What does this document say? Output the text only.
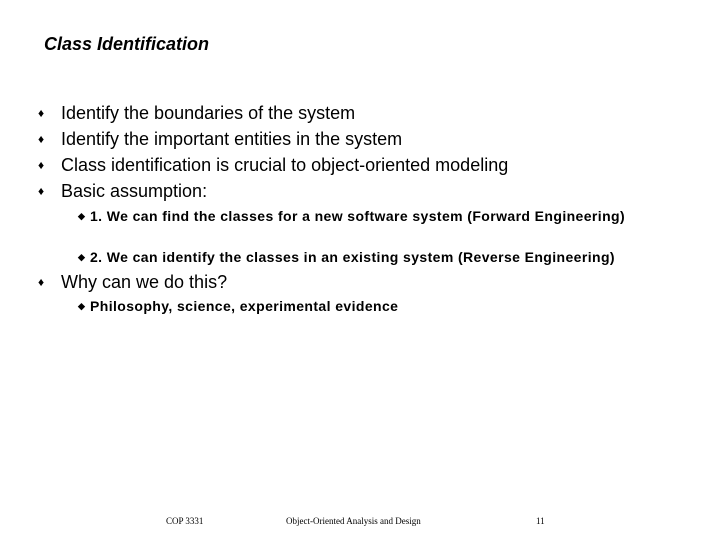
Class Identification
♦ Identify the boundaries of the system
♦ Identify the important entities in the system
♦ Class identification is crucial to object-oriented modeling
♦ Basic assumption:
◆ 1. We can find the classes for a new software system (Forward Engineering)
◆ 2. We can identify the classes in an existing system (Reverse Engineering)
♦ Why can we do this?
◆ Philosophy, science, experimental evidence
COP 3331	Object-Oriented Analysis and Design	11
